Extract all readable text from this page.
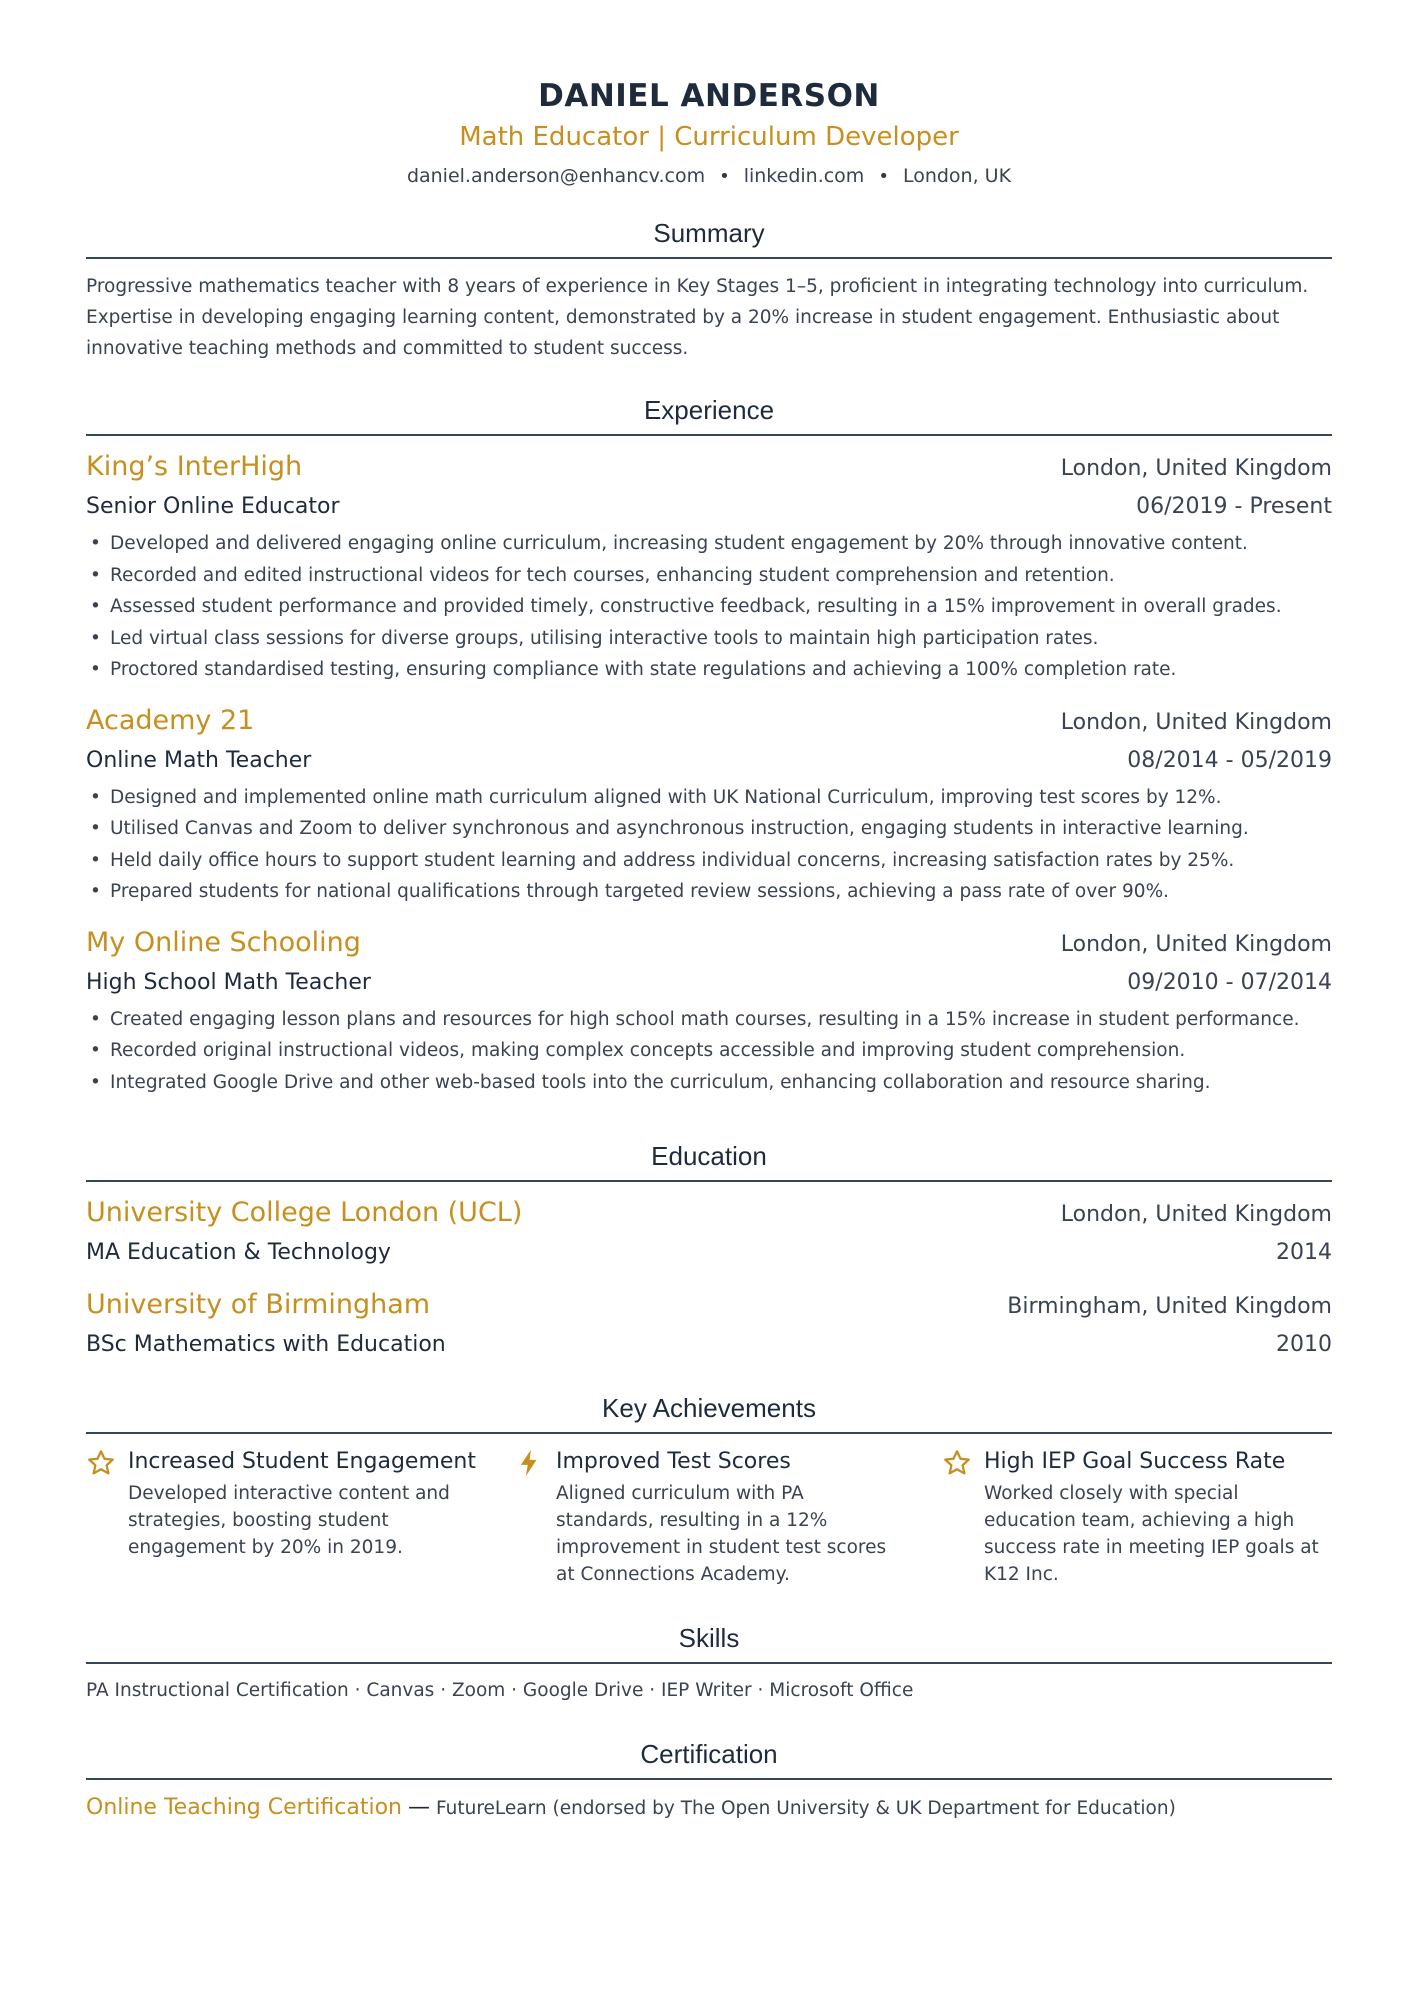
DANIEL ANDERSON
Math Educator | Curriculum Developer
daniel.anderson@enhancv.com • linkedin.com • London, UK
Summary

Progressive mathematics teacher with 8 years of experience in Key Stages 1–5, proficient in integrating technology into curriculum. Expertise in developing engaging learning content, demonstrated by a 20% increase in student engagement. Enthusiastic about innovative teaching methods and committed to student success.

Experience
King’s InterHigh	London, United Kingdom
Senior Online Educator	06/2019 - Present
• Developed and delivered engaging online curriculum, increasing student engagement by 20% through innovative content.
• Recorded and edited instructional videos for tech courses, enhancing student comprehension and retention.
• Assessed student performance and provided timely, constructive feedback, resulting in a 15% improvement in overall grades.
• Led virtual class sessions for diverse groups, utilising interactive tools to maintain high participation rates.
• Proctored standardised testing, ensuring compliance with state regulations and achieving a 100% completion rate.
Academy 21	London, United Kingdom
Online Math Teacher	08/2014 - 05/2019
• Designed and implemented online math curriculum aligned with UK National Curriculum, improving test scores by 12%.
• Utilised Canvas and Zoom to deliver synchronous and asynchronous instruction, engaging students in interactive learning.
• Held daily office hours to support student learning and address individual concerns, increasing satisfaction rates by 25%.
• Prepared students for national qualifications through targeted review sessions, achieving a pass rate of over 90%.
My Online Schooling	London, United Kingdom
High School Math Teacher	09/2010 - 07/2014
• Created engaging lesson plans and resources for high school math courses, resulting in a 15% increase in student performance.
• Recorded original instructional videos, making complex concepts accessible and improving student comprehension.
• Integrated Google Drive and other web-based tools into the curriculum, enhancing collaboration and resource sharing.
Education
University College London (UCL)	London, United Kingdom
MA Education & Technology	2014
University of Birmingham	Birmingham, United Kingdom
BSc Mathematics with Education	2010
Key Achievements
Increased Student Engagement
Developed interactive content and strategies, boosting student engagement by 20% in 2019.
Improved Test Scores
Aligned curriculum with PA standards, resulting in a 12% improvement in student test scores at Connections Academy.
High IEP Goal Success Rate
Worked closely with special education team, achieving a high success rate in meeting IEP goals at K12 Inc.
Skills
PA Instructional Certification · Canvas · Zoom · Google Drive · IEP Writer · Microsoft Office
Certification
Online Teaching Certification — FutureLearn (endorsed by The Open University & UK Department for Education)
